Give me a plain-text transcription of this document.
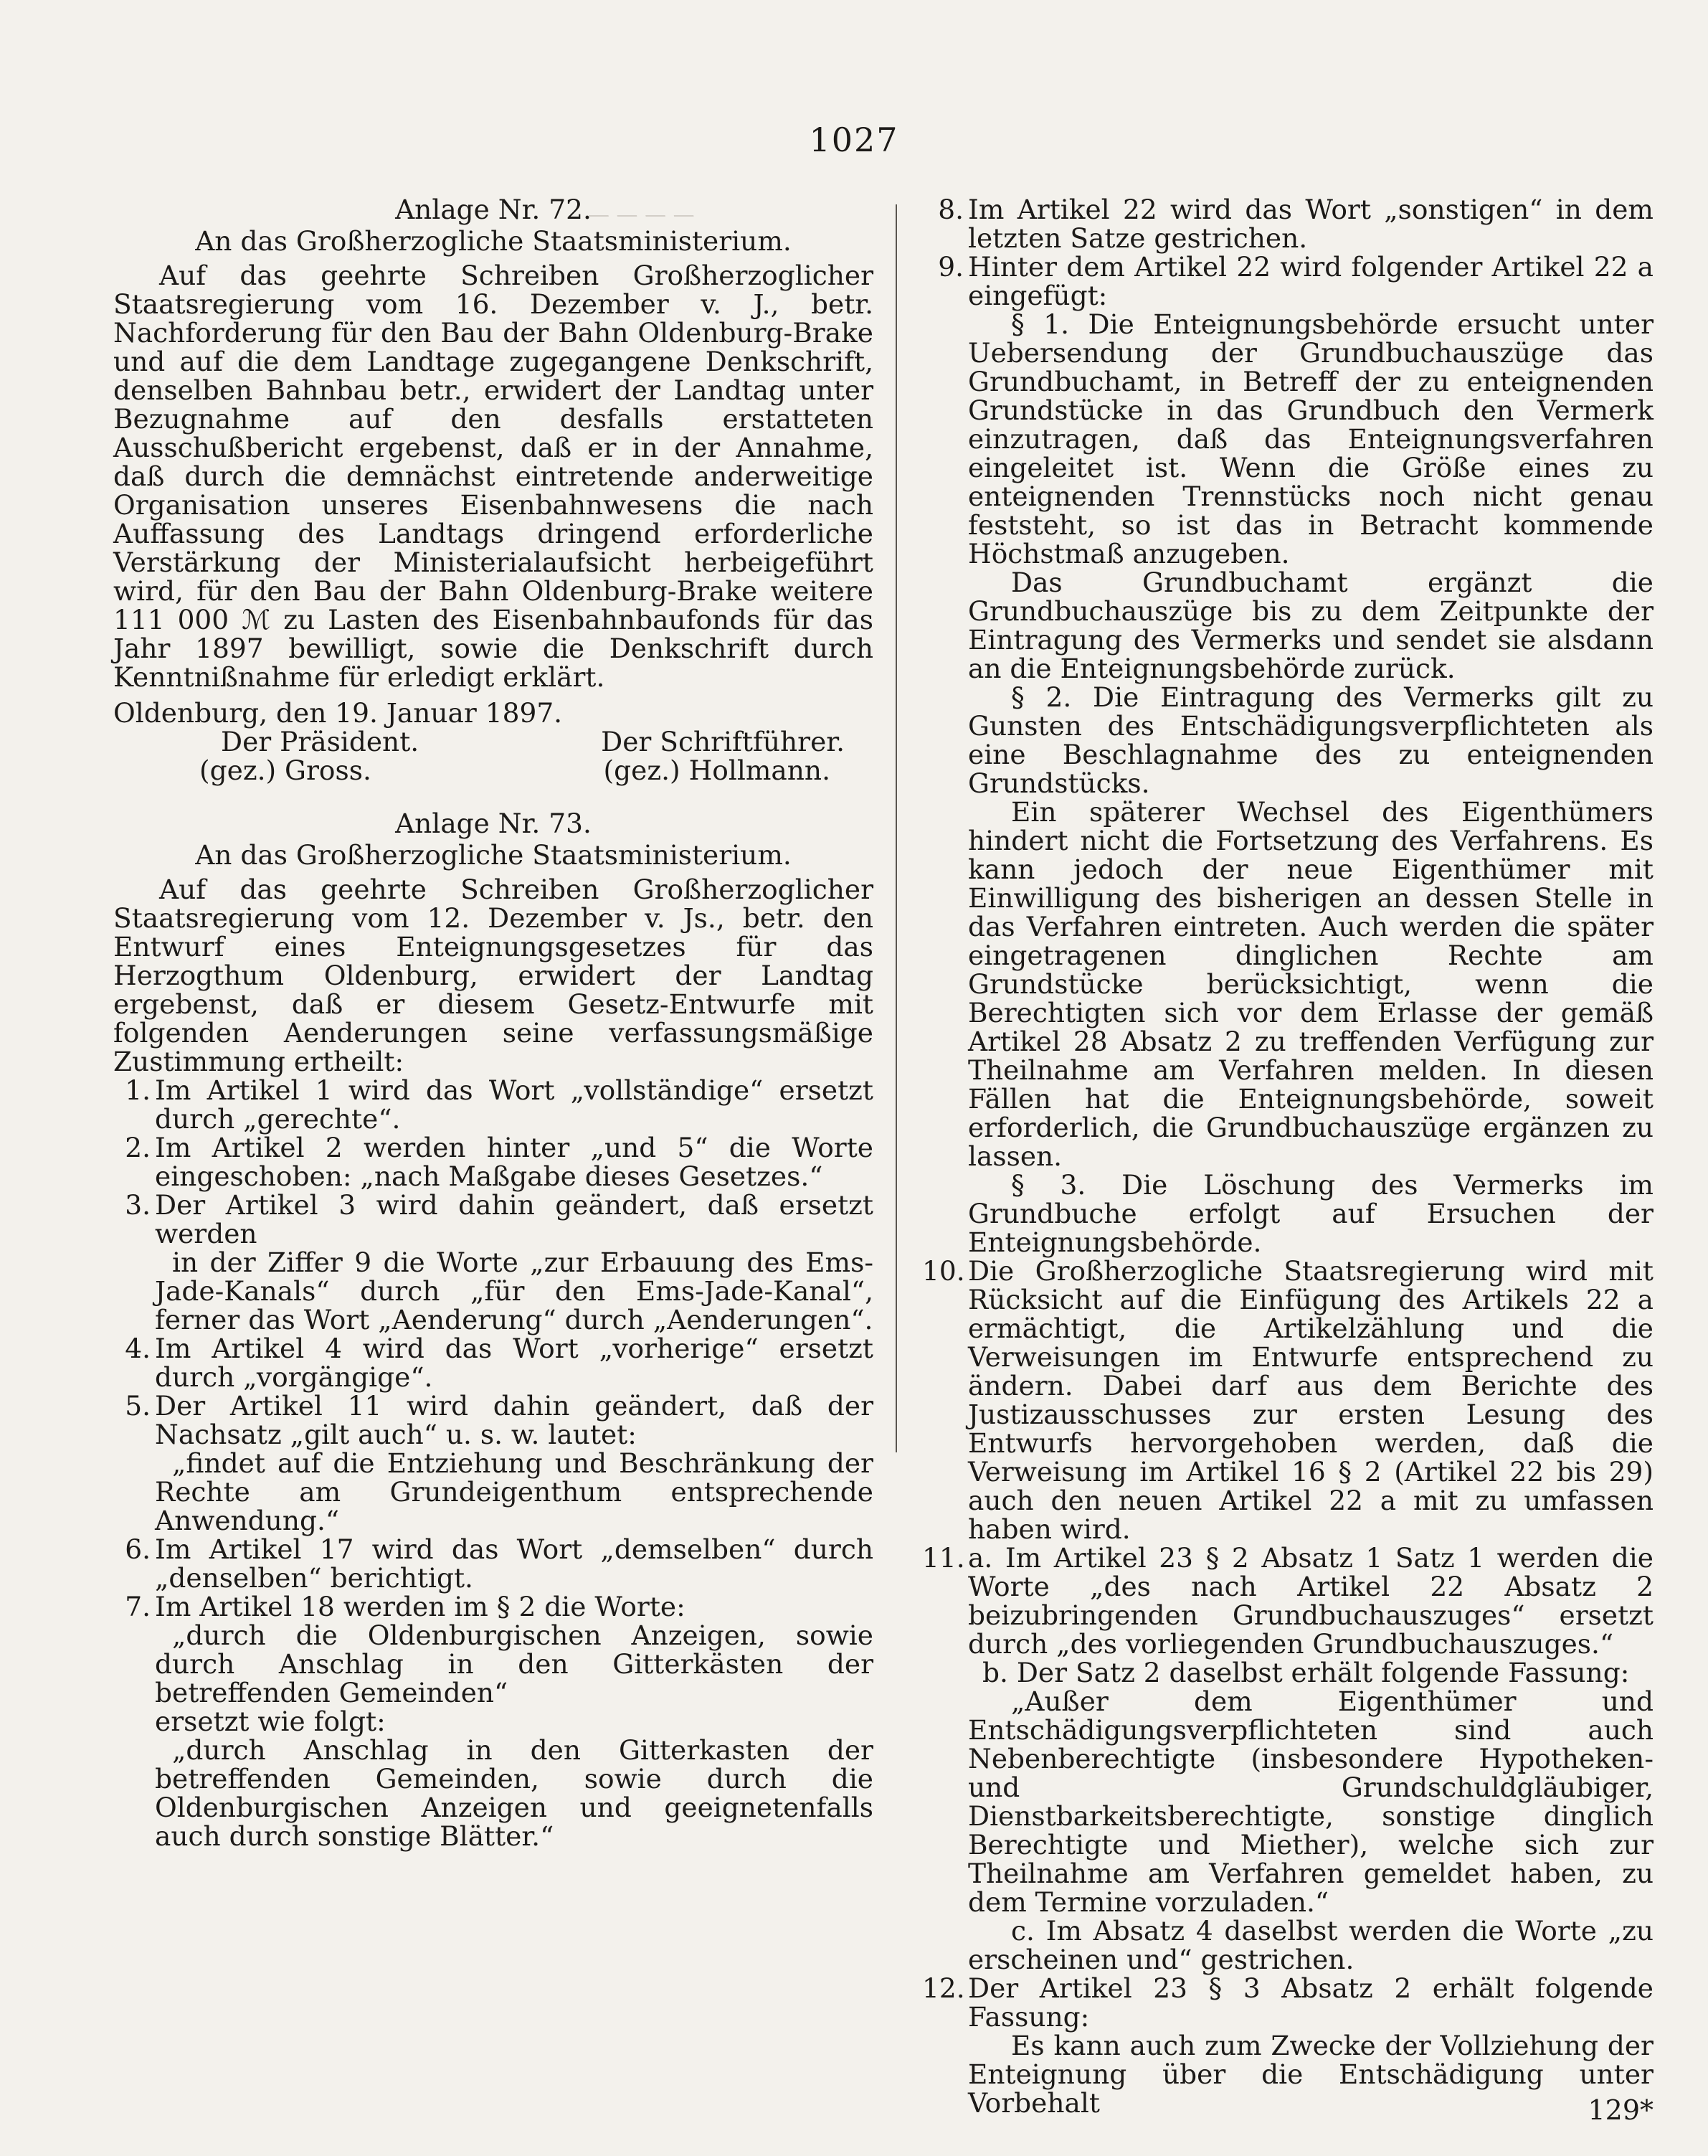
1027
— — — —

Anlage Nr. 72.

An das Großherzogliche Staatsministerium.

Auf das geehrte Schreiben Großherzoglicher Staatsregierung vom 16. Dezember v. J., betr. Nachforderung für den Bau der Bahn Oldenburg-Brake und auf die dem Landtage zugegangene Denkschrift, denselben Bahnbau betr., erwidert der Landtag unter Bezugnahme auf den desfalls erstatteten Ausschußbericht ergebenst, daß er in der Annahme, daß durch die demnächst eintretende anderweitige Organisation unseres Eisenbahnwesens die nach Auffassung des Landtags dringend erforderliche Verstärkung der Ministerialaufsicht herbeigeführt wird, für den Bau der Bahn Oldenburg-Brake weitere 111 000 ℳ zu Lasten des Eisenbahnbaufonds für das Jahr 1897 bewilligt, sowie die Denkschrift durch Kenntnißnahme für erledigt erklärt.

Oldenburg, den 19. Januar 1897.

Der Präsident.	Der Schriftführer.
(gez.) Gross.	(gez.) Hollmann.

Anlage Nr. 73.

An das Großherzogliche Staatsministerium.

Auf das geehrte Schreiben Großherzoglicher Staatsregierung vom 12. Dezember v. Js., betr. den Entwurf eines Enteignungsgesetzes für das Herzogthum Oldenburg, erwidert der Landtag ergebenst, daß er diesem Gesetz-Entwurfe mit folgenden Aenderungen seine verfassungsmäßige Zustimmung ertheilt:

1. Im Artikel 1 wird das Wort „vollständige“ ersetzt durch „gerechte“.
2. Im Artikel 2 werden hinter „und 5“ die Worte eingeschoben: „nach Maßgabe dieses Gesetzes.“
3. Der Artikel 3 wird dahin geändert, daß ersetzt werden

in der Ziffer 9 die Worte „zur Erbauung des Ems-Jade-Kanals“ durch „für den Ems-Jade-Kanal“, ferner das Wort „Aenderung“ durch „Aenderungen“.

4. Im Artikel 4 wird das Wort „vorherige“ ersetzt durch „vorgängige“.
5. Der Artikel 11 wird dahin geändert, daß der Nachsatz „gilt auch“ u. s. w. lautet:

„findet auf die Entziehung und Beschränkung der Rechte am Grundeigenthum entsprechende Anwendung.“

6. Im Artikel 17 wird das Wort „demselben“ durch „denselben“ berichtigt.
7. Im Artikel 18 werden im § 2 die Worte:

„durch die Oldenburgischen Anzeigen, sowie durch Anschlag in den Gitterkästen der betreffenden Gemeinden“

ersetzt wie folgt:

„durch Anschlag in den Gitterkasten der betreffenden Gemeinden, sowie durch die Oldenburgischen Anzeigen und geeignetenfalls auch durch sonstige Blätter.“

8. Im Artikel 22 wird das Wort „sonstigen“ in dem letzten Satze gestrichen.
9. Hinter dem Artikel 22 wird folgender Artikel 22 a eingefügt:

§ 1. Die Enteignungsbehörde ersucht unter Uebersendung der Grundbuchauszüge das Grundbuchamt, in Betreff der zu enteignenden Grundstücke in das Grundbuch den Vermerk einzutragen, daß das Enteignungsverfahren eingeleitet ist. Wenn die Größe eines zu enteignenden Trennstücks noch nicht genau feststeht, so ist das in Betracht kommende Höchstmaß anzugeben.

Das Grundbuchamt ergänzt die Grundbuchauszüge bis zu dem Zeitpunkte der Eintragung des Vermerks und sendet sie alsdann an die Enteignungsbehörde zurück.

§ 2. Die Eintragung des Vermerks gilt zu Gunsten des Entschädigungsverpflichteten als eine Beschlagnahme des zu enteignenden Grundstücks.

Ein späterer Wechsel des Eigenthümers hindert nicht die Fortsetzung des Verfahrens. Es kann jedoch der neue Eigenthümer mit Einwilligung des bisherigen an dessen Stelle in das Verfahren eintreten. Auch werden die später eingetragenen dinglichen Rechte am Grundstücke berücksichtigt, wenn die Berechtigten sich vor dem Erlasse der gemäß Artikel 28 Absatz 2 zu treffenden Verfügung zur Theilnahme am Verfahren melden. In diesen Fällen hat die Enteignungsbehörde, soweit erforderlich, die Grundbuchauszüge ergänzen zu lassen.

§ 3. Die Löschung des Vermerks im Grundbuche erfolgt auf Ersuchen der Enteignungsbehörde.

10. Die Großherzogliche Staatsregierung wird mit Rücksicht auf die Einfügung des Artikels 22 a ermächtigt, die Artikelzählung und die Verweisungen im Entwurfe entsprechend zu ändern. Dabei darf aus dem Berichte des Justizausschusses zur ersten Lesung des Entwurfs hervorgehoben werden, daß die Verweisung im Artikel 16 § 2 (Artikel 22 bis 29) auch den neuen Artikel 22 a mit zu umfassen haben wird.
11. a. Im Artikel 23 § 2 Absatz 1 Satz 1 werden die Worte „des nach Artikel 22 Absatz 2 beizubringenden Grundbuchauszuges“ ersetzt durch „des vorliegenden Grundbuchauszuges.“

b. Der Satz 2 daselbst erhält folgende Fassung:

„Außer dem Eigenthümer und Entschädigungsverpflichteten sind auch Nebenberechtigte (insbesondere Hypotheken- und Grundschuldgläubiger, Dienstbarkeitsberechtigte, sonstige dinglich Berechtigte und Miether), welche sich zur Theilnahme am Verfahren gemeldet haben, zu dem Termine vorzuladen.“

c. Im Absatz 4 daselbst werden die Worte „zu erscheinen und“ gestrichen.

12. Der Artikel 23 § 3 Absatz 2 erhält folgende Fassung:

Es kann auch zum Zwecke der Vollziehung der Enteignung über die Entschädigung unter Vorbehalt	129*
